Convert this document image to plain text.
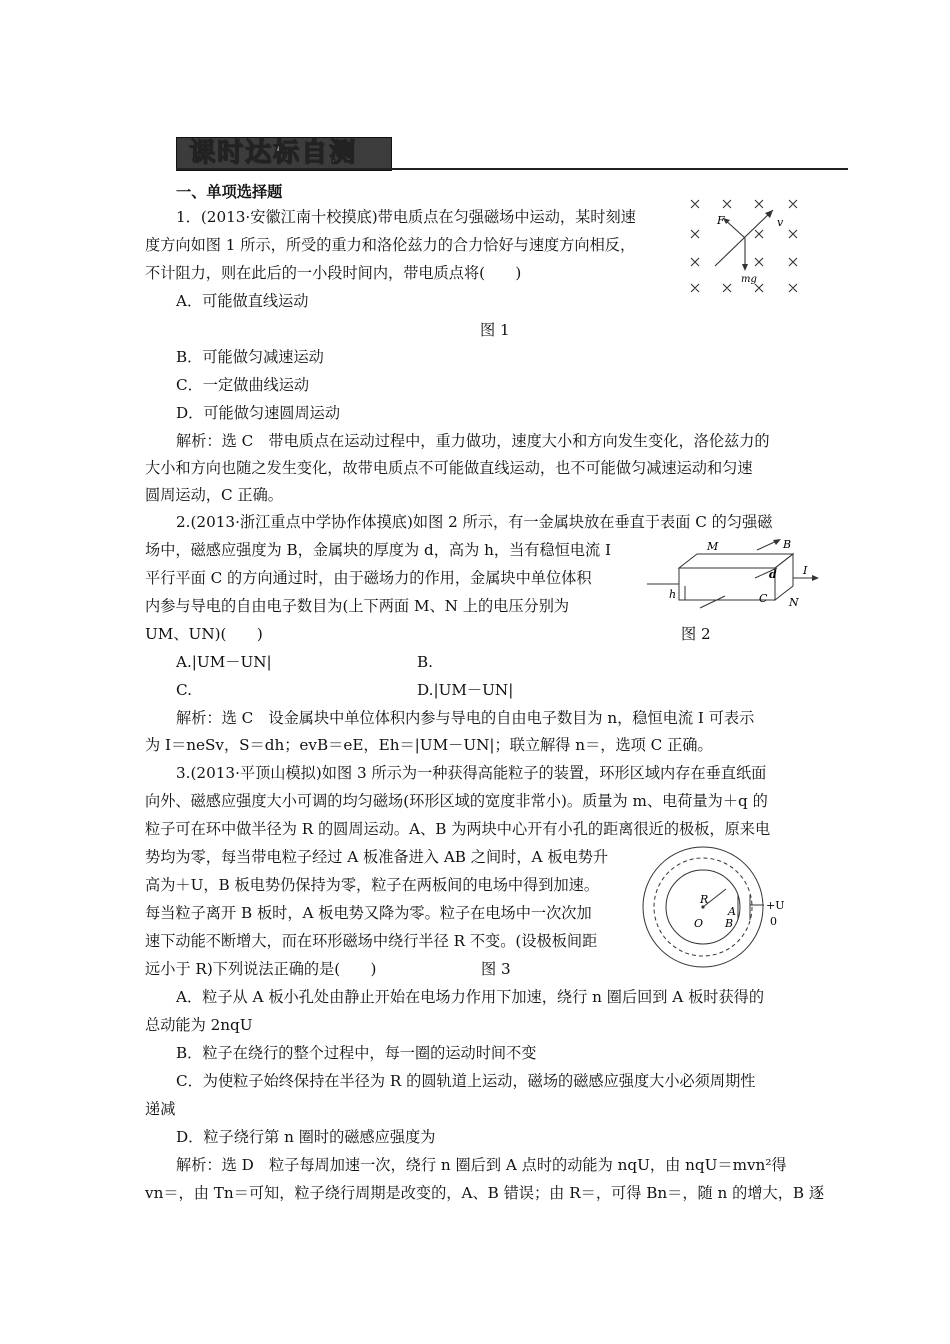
课时达标自测
一、单项选择题
1．(2013·安徽江南十校摸底)带电质点在匀强磁场中运动，某时刻速
度方向如图 1 所示，所受的重力和洛伦兹力的合力恰好与速度方向相反，
不计阻力，则在此后的一小段时间内，带电质点将(　　)
A．可能做直线运动
图 1
B．可能做匀减速运动
C．一定做曲线运动
D．可能做匀速圆周运动
解析：选 C　带电质点在运动过程中，重力做功，速度大小和方向发生变化，洛伦兹力的
大小和方向也随之发生变化，故带电质点不可能做直线运动，也不可能做匀减速运动和匀速
圆周运动，C 正确。
F	v
mg
2.(2013·浙江重点中学协作体摸底)如图 2 所示，有一金属块放在垂直于表面 C 的匀强磁
场中，磁感应强度为 B，金属块的厚度为 d，高为 h，当有稳恒电流 I
平行平面 C 的方向通过时，由于磁场力的作用，金属块中单位体积
内参与导电的自由电子数目为(上下两面 M、N 上的电压分别为
UM、UN)(　　)	图 2
A.|UM－UN|	B.
C.	D.|UM－UN|
解析：选 C　设金属块中单位体积内参与导电的自由电子数目为 n，稳恒电流 I 可表示
为 I＝neSv，S＝dh；evB＝eE，Eh＝|UM－UN|；联立解得 n＝，选项 C 正确。
M	B
d I
h	C N
3.(2013·平顶山模拟)如图 3 所示为一种获得高能粒子的装置，环形区域内存在垂直纸面
向外、磁感应强度大小可调的均匀磁场(环形区域的宽度非常小)。质量为 m、电荷量为＋q 的
粒子可在环中做半径为 R 的圆周运动。A、B 为两块中心开有小孔的距离很近的极板，原来电
势均为零，每当带电粒子经过 A 板准备进入 AB 之间时，A 板电势升
高为＋U，B 板电势仍保持为零，粒子在两板间的电场中得到加速。
每当粒子离开 B 板时，A 板电势又降为零。粒子在电场中一次次加
速下动能不断增大，而在环形磁场中绕行半径 R 不变。(设极板间距
远小于 R)下列说法正确的是(　　)	图 3
A．粒子从 A 板小孔处由静止开始在电场力作用下加速，绕行 n 圈后回到 A 板时获得的
总动能为 2nqU
B．粒子在绕行的整个过程中，每一圈的运动时间不变
C．为使粒子始终保持在半径为 R 的圆轨道上运动，磁场的磁感应强度大小必须周期性
递减
D．粒子绕行第 n 圈时的磁感应强度为
解析：选 D　粒子每周加速一次，绕行 n 圈后到 A 点时的动能为 nqU，由 nqU＝mvn²得
vn＝，由 Tn＝可知，粒子绕行周期是改变的，A、B 错误；由 R＝，可得 Bn＝，随 n 的增大，B 逐
R
O
A
B
+U
0
